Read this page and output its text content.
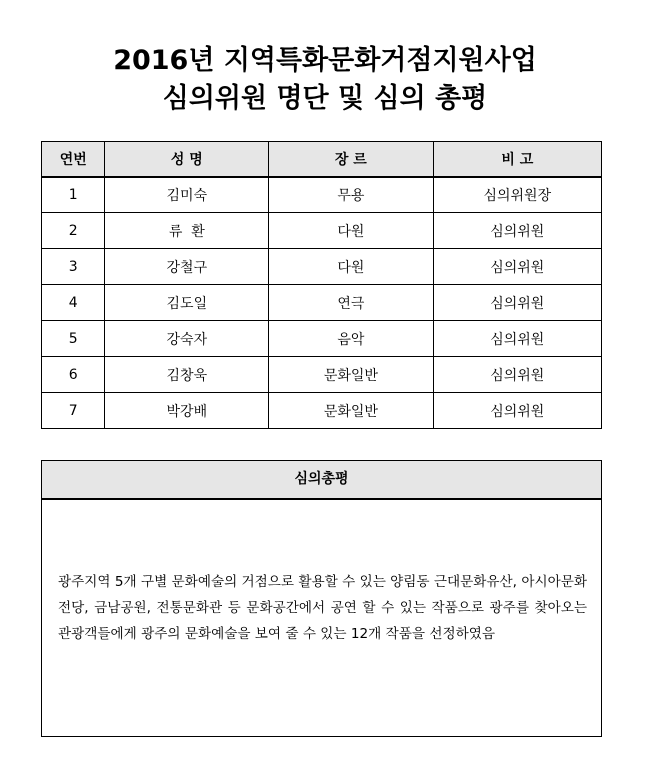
2016년 지역특화문화거점지원사업
심의위원 명단 및 심의 총평
연번	성 명	장 르	비 고
1	김미숙	무용	심의위원장
2	류  환	다원	심의위원
3	강철구	다원	심의위원
4	김도일	연극	심의위원
5	강숙자	음악	심의위원
6	김창욱	문화일반	심의위원
7	박강배	문화일반	심의위원
심의총평
광주지역 5개 구별 문화예술의 거점으로 활용할 수 있는 양림동 근대문화유산, 아시아문화전당, 금남공원, 전통문화관 등 문화공간에서 공연 할 수 있는 작품으로 광주를 찾아오는 관광객들에게 광주의 문화예술을 보여 줄 수 있는 12개 작품을 선정하였음
